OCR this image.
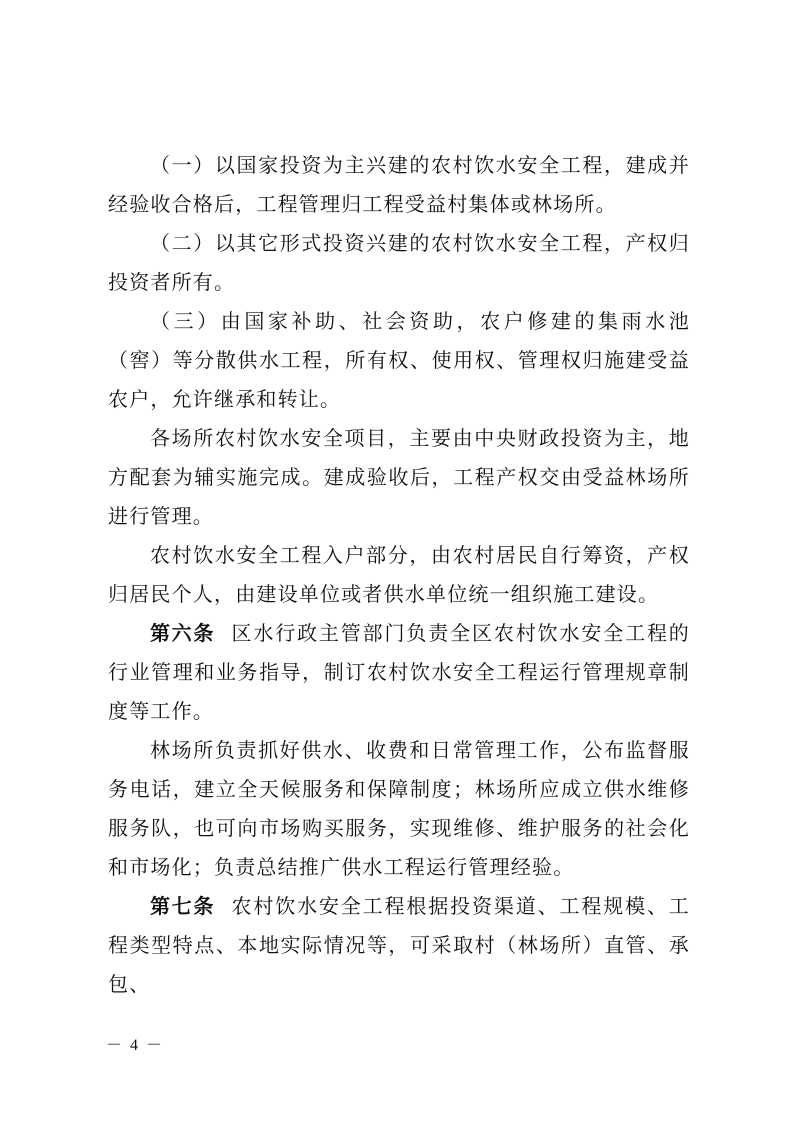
（一）以国家投资为主兴建的农村饮水安全工程，建成并经验收合格后，工程管理归工程受益村集体或林场所。

（二）以其它形式投资兴建的农村饮水安全工程，产权归投资者所有。

（三）由国家补助、社会资助，农户修建的集雨水池（窖）等分散供水工程，所有权、使用权、管理权归施建受益农户，允许继承和转让。

各场所农村饮水安全项目，主要由中央财政投资为主，地方配套为辅实施完成。建成验收后，工程产权交由受益林场所进行管理。

农村饮水安全工程入户部分，由农村居民自行筹资，产权归居民个人，由建设单位或者供水单位统一组织施工建设。

第六条 区水行政主管部门负责全区农村饮水安全工程的行业管理和业务指导，制订农村饮水安全工程运行管理规章制度等工作。

林场所负责抓好供水、收费和日常管理工作，公布监督服务电话，建立全天候服务和保障制度；林场所应成立供水维修服务队，也可向市场购买服务，实现维修、维护服务的社会化和市场化；负责总结推广供水工程运行管理经验。

第七条 农村饮水安全工程根据投资渠道、工程规模、工程类型特点、本地实际情况等，可采取村（林场所）直管、承包、

－ 4 －
